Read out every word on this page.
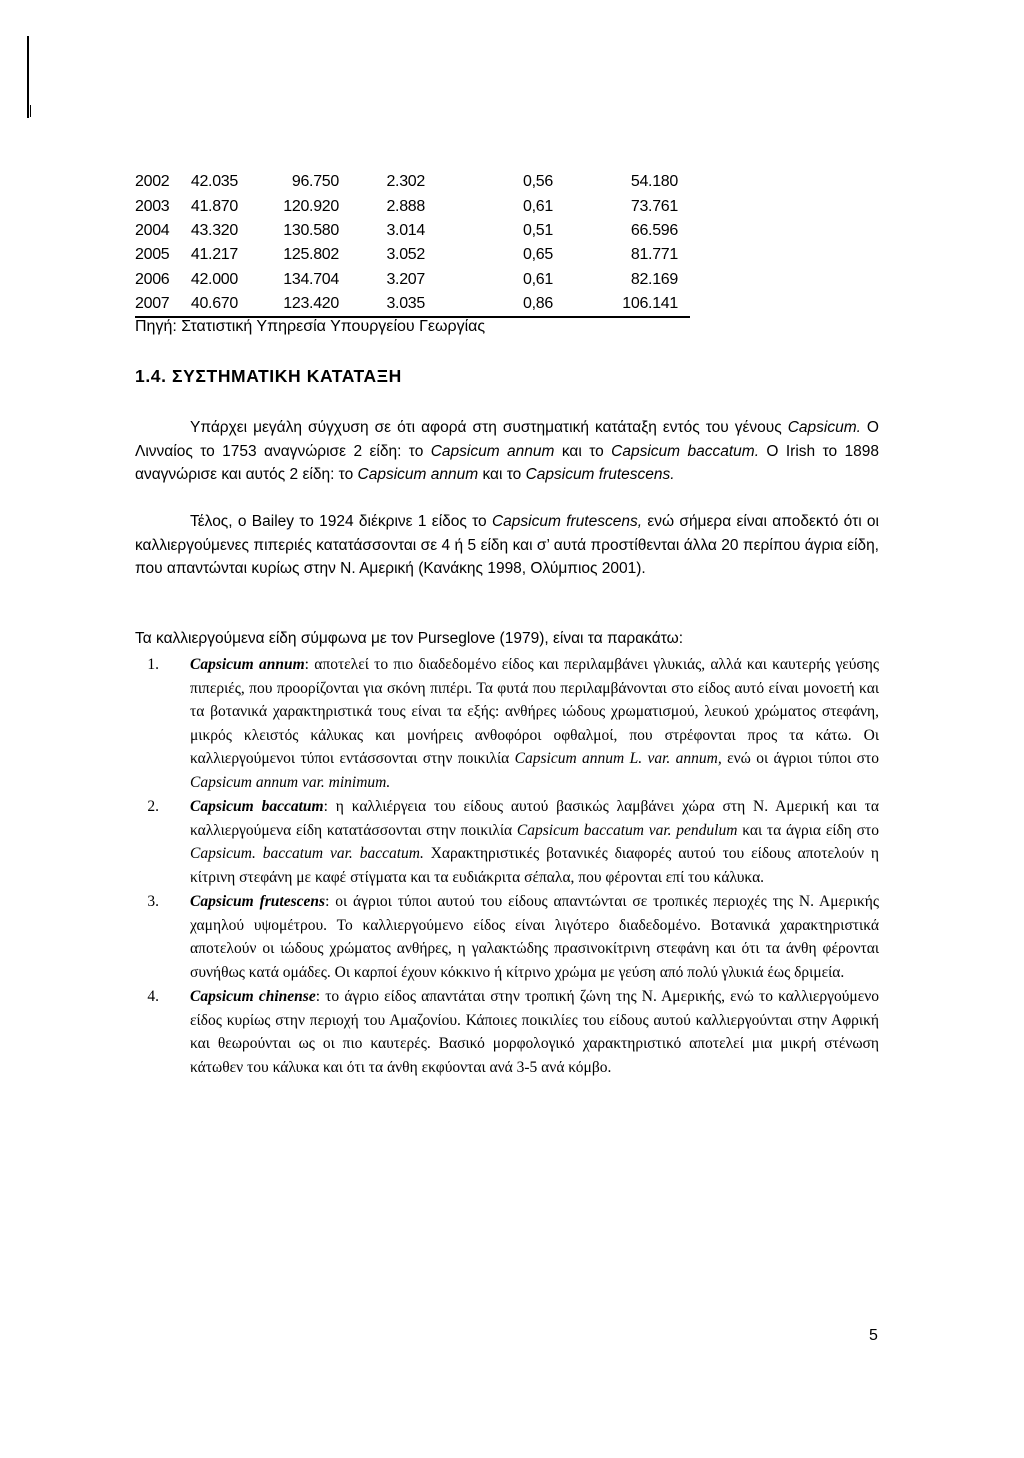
2002	42.035	96.750	2.302	0,56	54.180
2003	41.870	120.920	2.888	0,61	73.761
2004	43.320	130.580	3.014	0,51	66.596
2005	41.217	125.802	3.052	0,65	81.771
2006	42.000	134.704	3.207	0,61	82.169
2007	40.670	123.420	3.035	0,86	106.141
Πηγή: Στατιστική Υπηρεσία Υπουργείου Γεωργίας
1.4. ΣΥΣΤΗΜΑΤΙΚΗ ΚΑΤΑΤΑΞΗ

Υπάρχει μεγάλη σύγχυση σε ότι αφορά στη συστηματική κατάταξη εντός του γένους Capsicum. Ο Λινναίος το 1753 αναγνώρισε 2 είδη: το Capsicum annum και το Capsicum baccatum. Ο Irish το 1898 αναγνώρισε και αυτός 2 είδη: το Capsicum annum και το Capsicum frutescens.

Τέλος, ο Bailey το 1924 διέκρινε 1 είδος το Capsicum frutescens, ενώ σήμερα είναι αποδεκτό ότι οι καλλιεργούμενες πιπεριές κατατάσσονται σε 4 ή 5 είδη και σ’ αυτά προστίθενται άλλα 20 περίπου άγρια είδη, που απαντώνται κυρίως στην Ν. Αμερική (Κανάκης 1998, Ολύμπιος 2001).

Τα καλλιεργούμενα είδη σύμφωνα με τον Purseglove (1979), είναι τα παρακάτω:

1. Capsicum annum: αποτελεί το πιο διαδεδομένο είδος και περιλαμβάνει γλυκιάς, αλλά και καυτερής γεύσης πιπεριές, που προορίζονται για σκόνη πιπέρι. Τα φυτά που περιλαμβάνονται στο είδος αυτό είναι μονοετή και τα βοτανικά χαρακτηριστικά τους είναι τα εξής: ανθήρες ιώδους χρωματισμού, λευκού χρώματος στεφάνη, μικρός κλειστός κάλυκας και μονήρεις ανθοφόροι οφθαλμοί, που στρέφονται προς τα κάτω. Οι καλλιεργούμενοι τύποι εντάσσονται στην ποικιλία Capsicum annum L. var. annum, ενώ οι άγριοι τύποι στο Capsicum annum var. minimum.
2. Capsicum baccatum: η καλλιέργεια του είδους αυτού βασικώς λαμβάνει χώρα στη Ν. Αμερική και τα καλλιεργούμενα είδη κατατάσσονται στην ποικιλία Capsicum baccatum var. pendulum και τα άγρια είδη στο Capsicum. baccatum var. baccatum. Χαρακτηριστικές βοτανικές διαφορές αυτού του είδους αποτελούν η κίτρινη στεφάνη με καφέ στίγματα και τα ευδιάκριτα σέπαλα, που φέρονται επί του κάλυκα.
3. Capsicum frutescens: οι άγριοι τύποι αυτού του είδους απαντώνται σε τροπικές περιοχές της Ν. Αμερικής χαμηλού υψομέτρου. Το καλλιεργούμενο είδος είναι λιγότερο διαδεδομένο. Βοτανικά χαρακτηριστικά αποτελούν οι ιώδους χρώματος ανθήρες, η γαλακτώδης πρασινοκίτρινη στεφάνη και ότι τα άνθη φέρονται συνήθως κατά ομάδες. Οι καρποί έχουν κόκκινο ή κίτρινο χρώμα με γεύση από πολύ γλυκιά έως δριμεία.
4. Capsicum chinense: το άγριο είδος απαντάται στην τροπική ζώνη της Ν. Αμερικής, ενώ το καλλιεργούμενο είδος κυρίως στην περιοχή του Αμαζονίου. Κάποιες ποικιλίες του είδους αυτού καλλιεργούνται στην Αφρική και θεωρούνται ως οι πιο καυτερές. Βασικό μορφολογικό χαρακτηριστικό αποτελεί μια μικρή στένωση κάτωθεν του κάλυκα και ότι τα άνθη εκφύονται ανά 3-5 ανά κόμβο.
5
